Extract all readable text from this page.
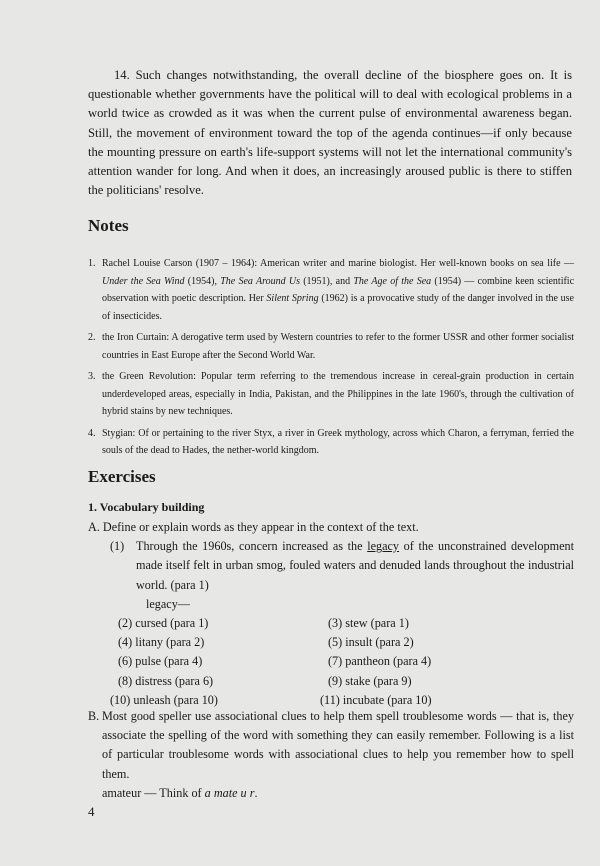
14. Such changes notwithstanding, the overall decline of the biosphere goes on. It is questionable whether governments have the political will to deal with ecological problems in a world twice as crowded as it was when the current pulse of environmental awareness began. Still, the movement of environment toward the top of the agenda continues—if only because the mounting pressure on earth's life-support systems will not let the international community's attention wander for long. And when it does, an increasingly aroused public is there to stiffen the politicians' resolve.
Notes
1. Rachel Louise Carson (1907 – 1964): American writer and marine biologist. Her well-known books on sea life — Under the Sea Wind (1954), The Sea Around Us (1951), and The Age of the Sea (1954) — combine keen scientific observation with poetic description. Her Silent Spring (1962) is a provocative study of the danger involved in the use of insecticides.
2. the Iron Curtain: A derogative term used by Western countries to refer to the former USSR and other former socialist countries in East Europe after the Second World War.
3. the Green Revolution: Popular term referring to the tremendous increase in cereal-grain production in certain underdeveloped areas, especially in India, Pakistan, and the Philippines in the late 1960's, through the cultivation of hybrid stains by new techniques.
4. Stygian: Of or pertaining to the river Styx, a river in Greek mythology, across which Charon, a ferryman, ferried the souls of the dead to Hades, the nether-world kingdom.
Exercises
1. Vocabulary building
A. Define or explain words as they appear in the context of the text.
(1) Through the 1960s, concern increased as the legacy of the unconstrained development made itself felt in urban smog, fouled waters and denuded lands throughout the industrial world. (para 1)
legacy—
(2) cursed (para 1)	(3) stew (para 1)
(4) litany (para 2)	(5) insult (para 2)
(6) pulse (para 4)	(7) pantheon (para 4)
(8) distress (para 6)	(9) stake (para 9)
(10) unleash (para 10)	(11) incubate (para 10)
B. Most good speller use associational clues to help them spell troublesome words — that is, they associate the spelling of the word with something they can easily remember. Following is a list of particular troublesome words with associational clues to help you remember how to spell them.
amateur — Think of a mate u r.
4
